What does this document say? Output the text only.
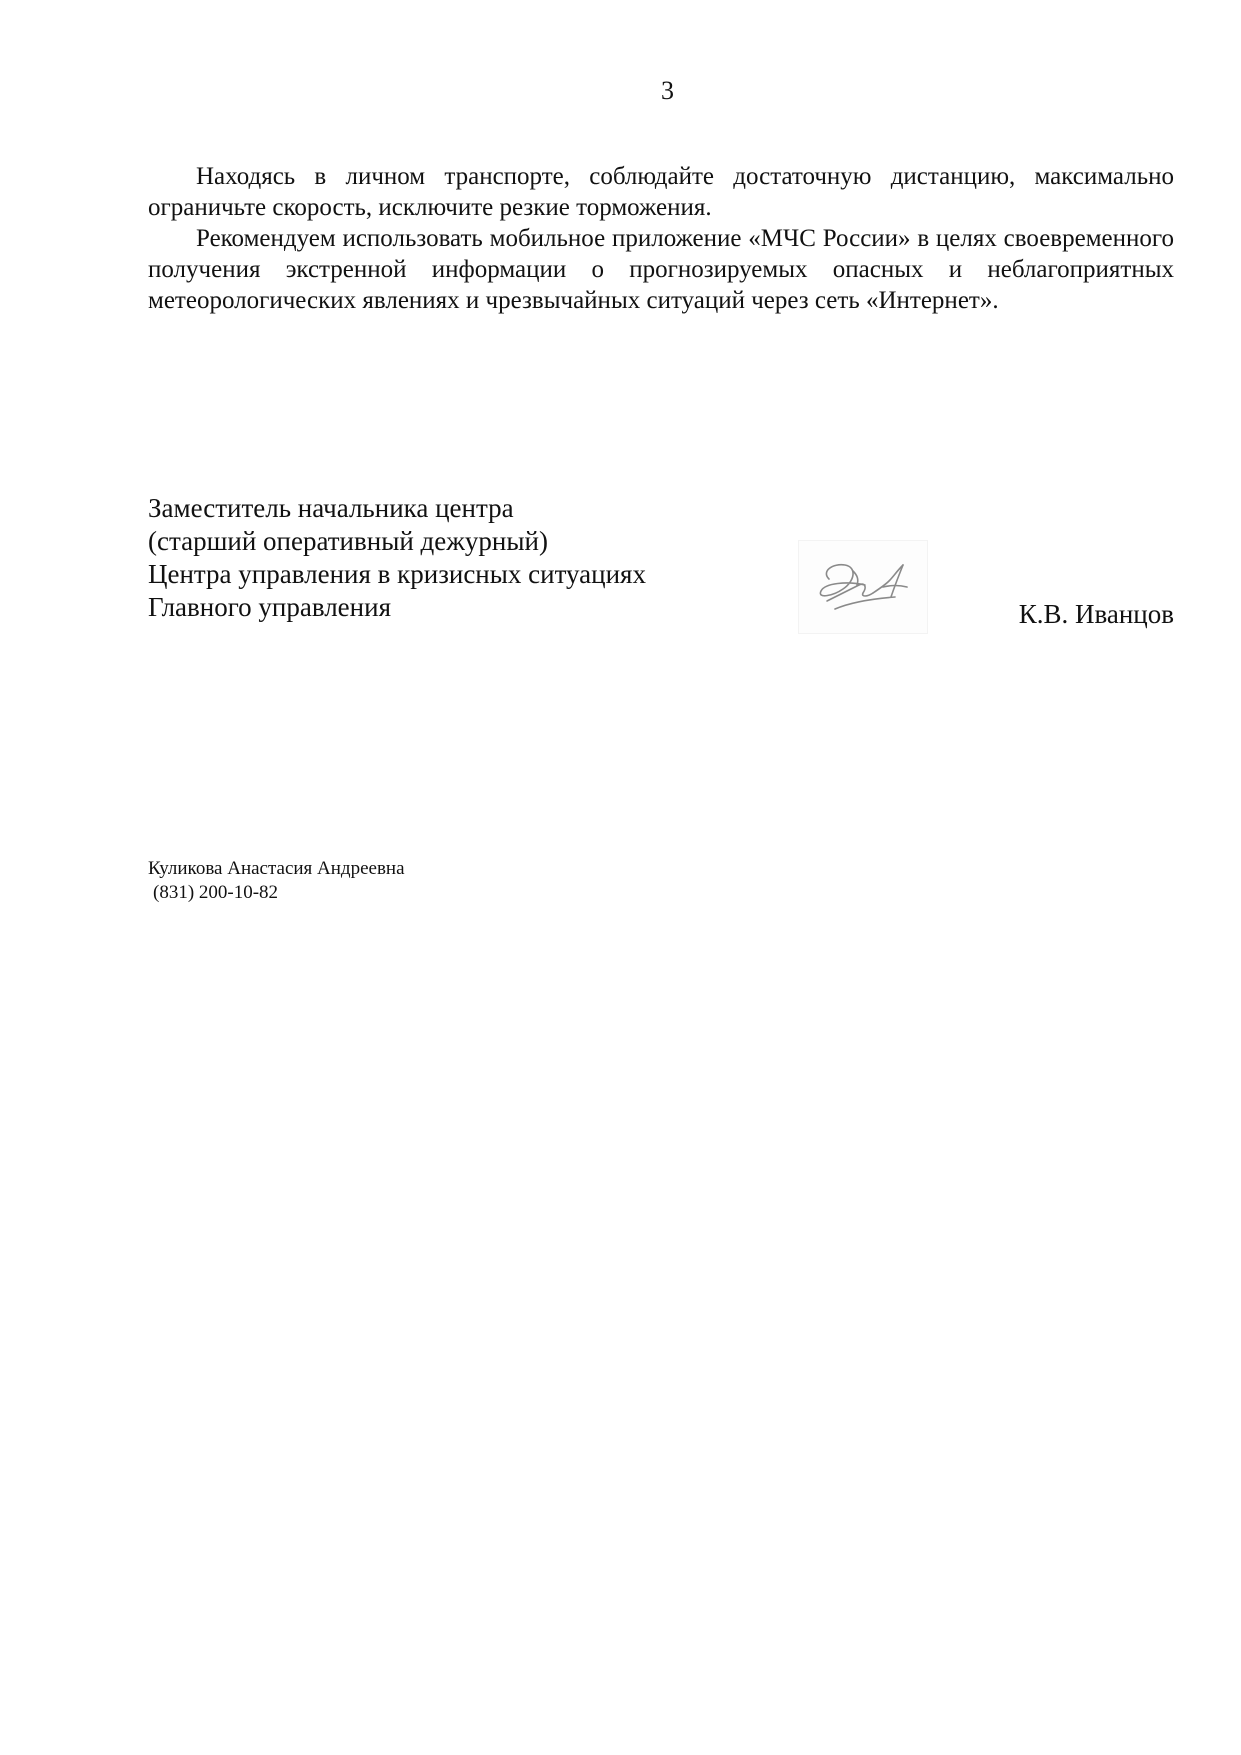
3

Находясь в личном транспорте, соблюдайте достаточную дистанцию, максимально ограничьте скорость, исключите резкие торможения.

Рекомендуем использовать мобильное приложение «МЧС России» в целях своевременного получения экстренной информации о прогнозируемых опасных и неблагоприятных метеорологических явлениях и чрезвычайных ситуаций через сеть «Интернет».

Заместитель начальника центра
(старший оперативный дежурный)
Центра управления в кризисных ситуациях
Главного управления	К.В. Иванцов
Куликова Анастасия Андреевна
(831) 200-10-82
